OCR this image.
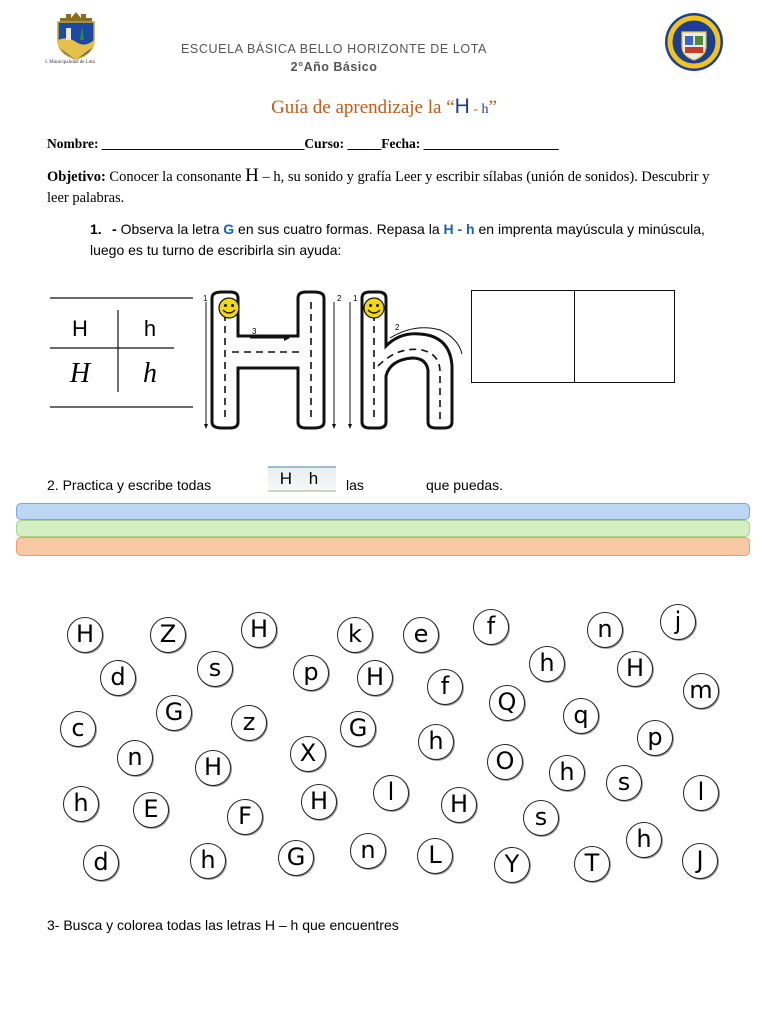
I. Municipalidad de Lota
ESCUELA BÁSICA BELLO HORIZONTE DE LOTA
2°Año Básico
Guía de aprendizaje la “H - h”
Nombre: ______________________________Curso: _____Fecha: ____________________
Objetivo: Conocer la consonante H – h, su sonido y grafía Leer y escribir sílabas (unión de sonidos). Descubrir y leer palabras.
1. - Observa la letra G en sus cuatro formas. Repasa la H - h en imprenta mayúscula y minúscula, luego es tu turno de escribirla sin ayuda:
H	h
H h
1	2
3
1
2
2. Practica y escribe todas	H h	las	que puedas.
H	Z	H	k	e	f	n	j
d	s	p	H	f
h	H
m
c
G	z	G
Q	q
p
n	H	X	h
O	h	s
h	E	F
H	l	H	s
l
d	h	G	n	L	Y	T
h
J
3- Busca y colorea todas las letras H – h que encuentres
